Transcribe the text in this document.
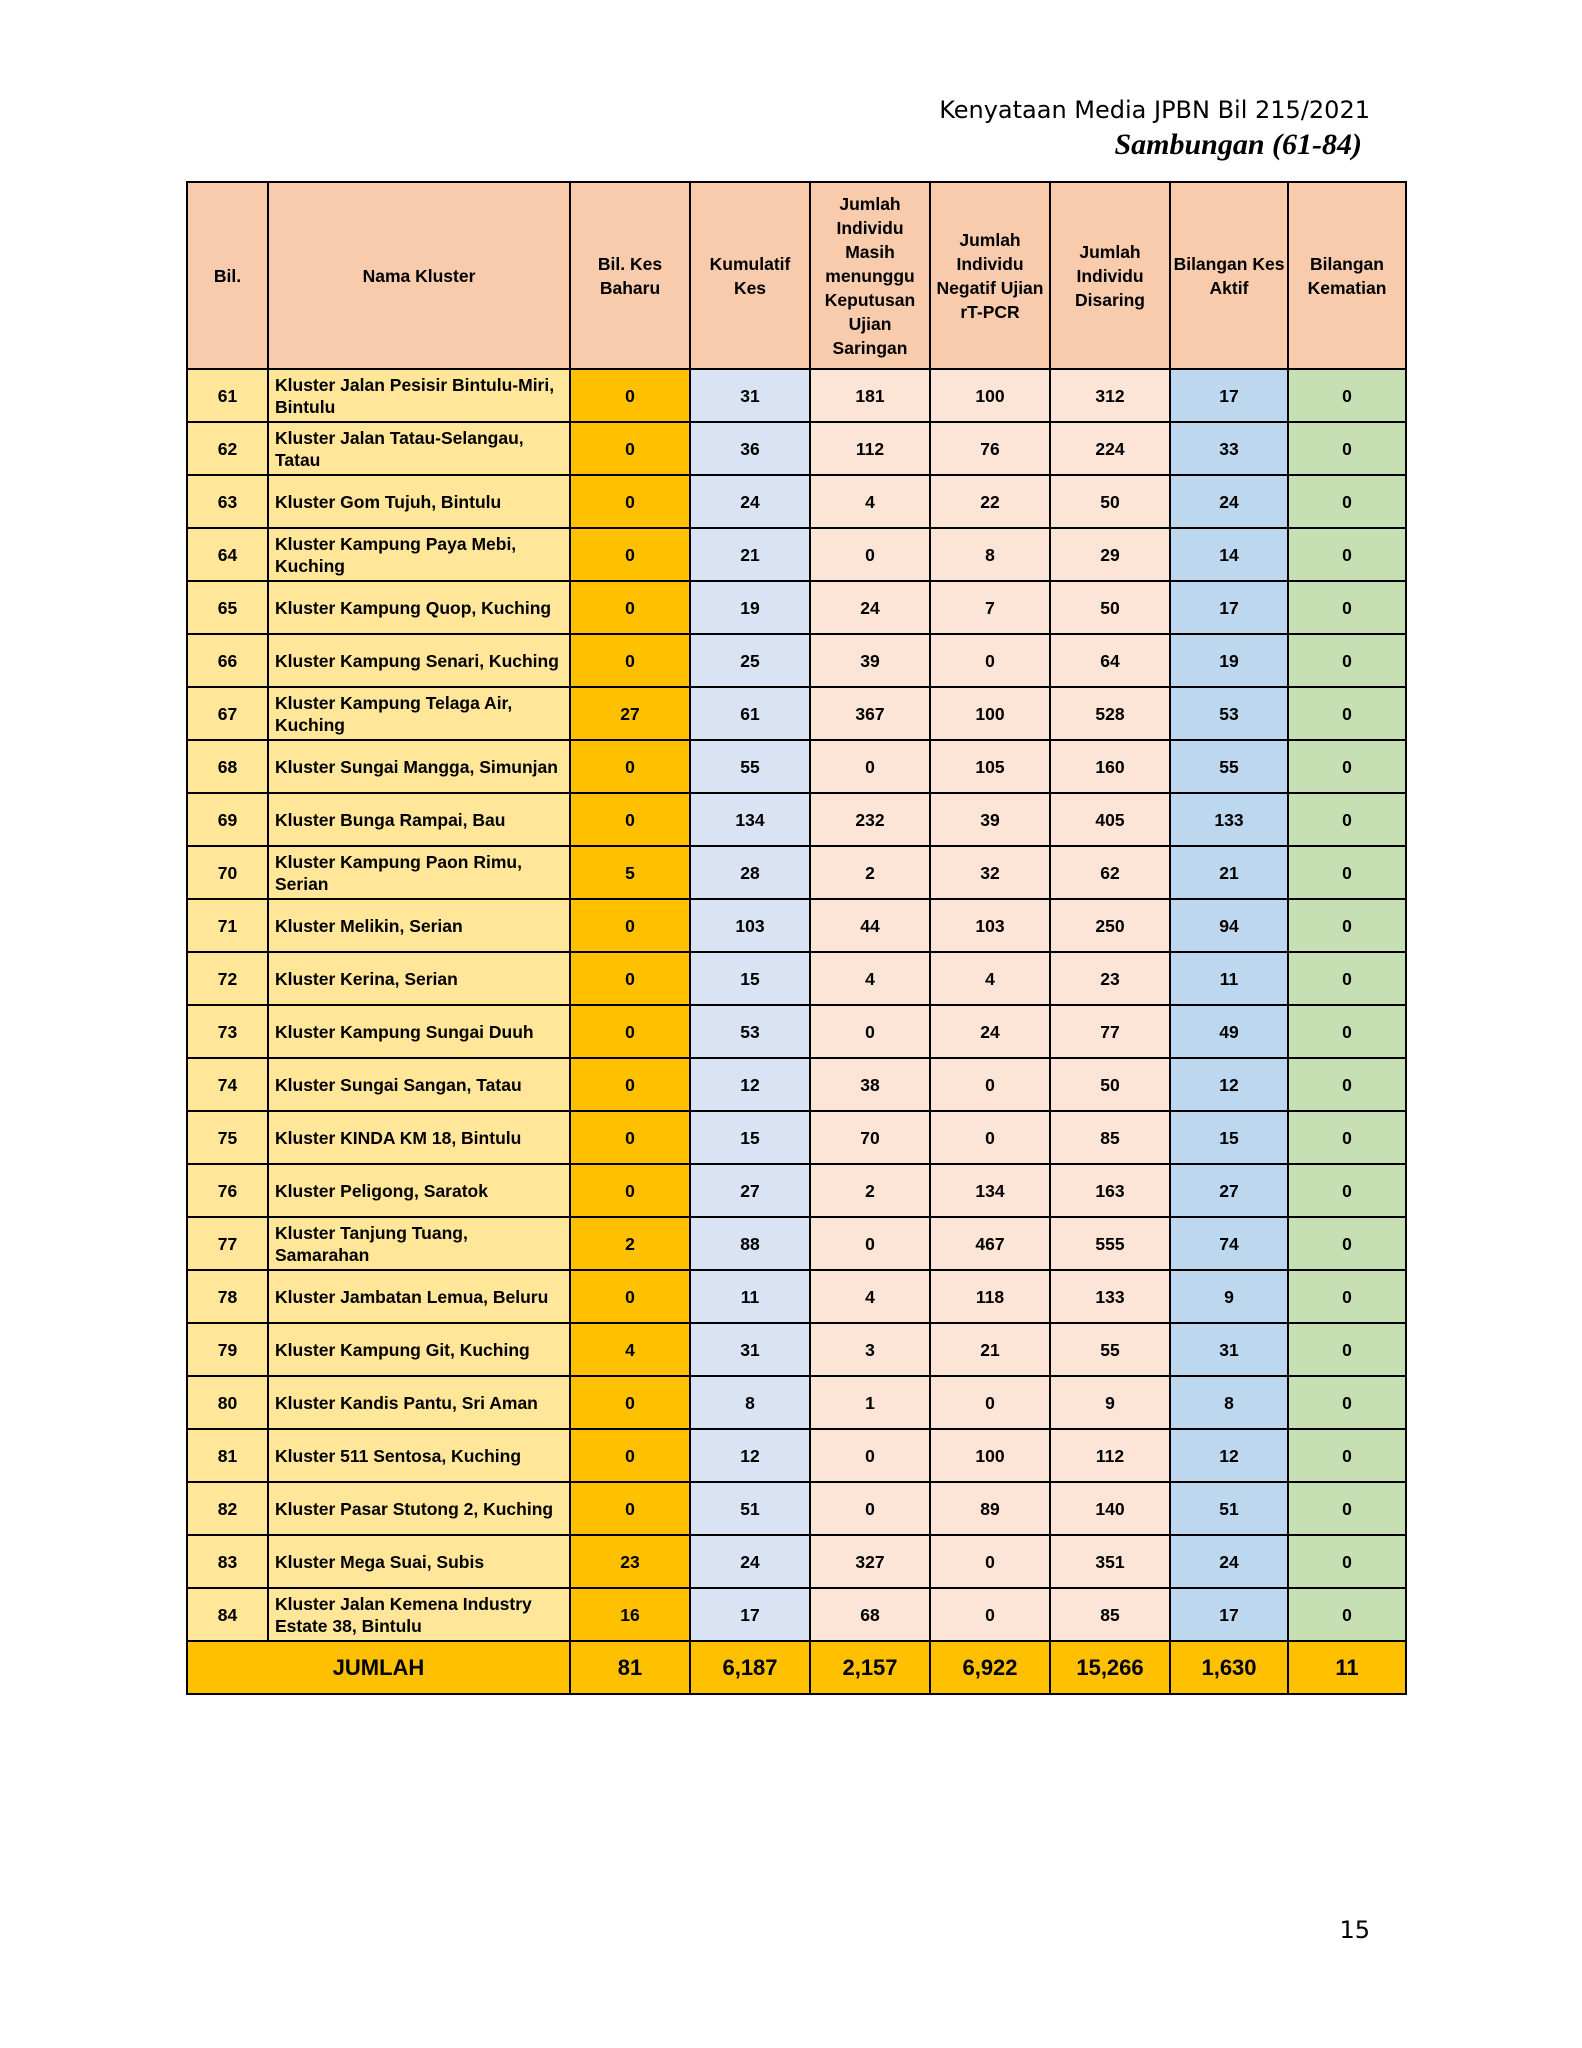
Kenyataan Media JPBN Bil 215/2021
Sambungan (61-84)
Bil.	Nama Kluster	Bil. Kes Baharu	Kumulatif Kes	Jumlah Individu Masih menunggu Keputusan Ujian Saringan	Jumlah Individu Negatif Ujian rT-PCR	Jumlah Individu Disaring	Bilangan Kes Aktif	Bilangan Kematian
61	Kluster Jalan Pesisir Bintulu-Miri, Bintulu	0	31	181	100	312	17	0
62	Kluster Jalan Tatau-Selangau, Tatau	0	36	112	76	224	33	0
63	Kluster Gom Tujuh, Bintulu	0	24	4	22	50	24	0
64	Kluster Kampung Paya Mebi, Kuching	0	21	0	8	29	14	0
65	Kluster Kampung Quop, Kuching	0	19	24	7	50	17	0
66	Kluster Kampung Senari, Kuching	0	25	39	0	64	19	0
67	Kluster Kampung Telaga Air, Kuching	27	61	367	100	528	53	0
68	Kluster Sungai Mangga, Simunjan	0	55	0	105	160	55	0
69	Kluster Bunga Rampai, Bau	0	134	232	39	405	133	0
70	Kluster Kampung Paon Rimu, Serian	5	28	2	32	62	21	0
71	Kluster Melikin, Serian	0	103	44	103	250	94	0
72	Kluster Kerina, Serian	0	15	4	4	23	11	0
73	Kluster Kampung Sungai Duuh	0	53	0	24	77	49	0
74	Kluster Sungai Sangan, Tatau	0	12	38	0	50	12	0
75	Kluster KINDA KM 18, Bintulu	0	15	70	0	85	15	0
76	Kluster Peligong, Saratok	0	27	2	134	163	27	0
77	Kluster Tanjung Tuang, Samarahan	2	88	0	467	555	74	0
78	Kluster Jambatan Lemua, Beluru	0	11	4	118	133	9	0
79	Kluster Kampung Git, Kuching	4	31	3	21	55	31	0
80	Kluster Kandis Pantu, Sri Aman	0	8	1	0	9	8	0
81	Kluster 511 Sentosa, Kuching	0	12	0	100	112	12	0
82	Kluster Pasar Stutong 2, Kuching	0	51	0	89	140	51	0
83	Kluster Mega Suai, Subis	23	24	327	0	351	24	0
84	Kluster Jalan Kemena Industry Estate 38, Bintulu	16	17	68	0	85	17	0
JUMLAH		81	6,187	2,157	6,922	15,266	1,630	11
15
